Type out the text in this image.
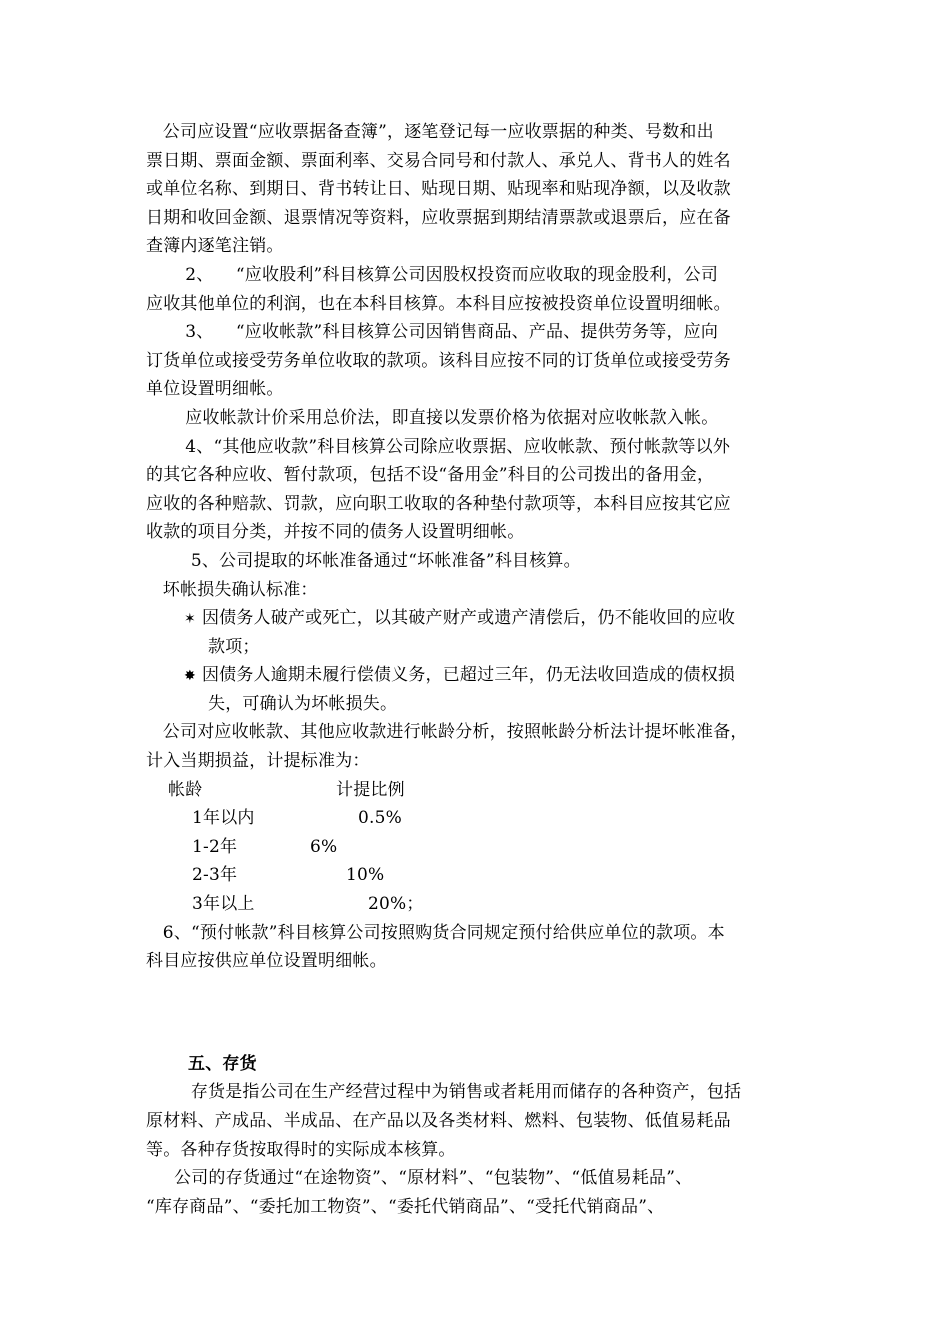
公司应设置“应收票据备查簿”，逐笔登记每一应收票据的种类、号数和出
票日期、票面金额、票面利率、交易合同号和付款人、承兑人、背书人的姓名
或单位名称、到期日、背书转让日、贴现日期、贴现率和贴现净额，以及收款
日期和收回金额、退票情况等资料，应收票据到期结清票款或退票后，应在备
查簿内逐笔注销。
2、    “应收股利”科目核算公司因股权投资而应收取的现金股利，公司
应收其他单位的利润，也在本科目核算。本科目应按被投资单位设置明细帐。
3、    “应收帐款”科目核算公司因销售商品、产品、提供劳务等，应向
订货单位或接受劳务单位收取的款项。该科目应按不同的订货单位或接受劳务
单位设置明细帐。
应收帐款计价采用总价法，即直接以发票价格为依据对应收帐款入帐。
4、“其他应收款”科目核算公司除应收票据、应收帐款、预付帐款等以外
的其它各种应收、暂付款项，包括不设“备用金”科目的公司拨出的备用金，
应收的各种赔款、罚款，应向职工收取的各种垫付款项等，本科目应按其它应
收款的项目分类，并按不同的债务人设置明细帐。
5、公司提取的坏帐准备通过“坏帐准备”科目核算。
坏帐损失确认标准：
✶ 因债务人破产或死亡，以其破产财产或遗产清偿后，仍不能收回的应收
款项；
✸ 因债务人逾期未履行偿债义务，已超过三年，仍无法收回造成的债权损
失，可确认为坏帐损失。
公司对应收帐款、其他应收款进行帐龄分析，按照帐龄分析法计提坏帐准备，
计入当期损益，计提标准为：
帐龄	计提比例
1年以内	0.5%
1-2年	6%
2-3年	10%
3年以上	20%；
6、“预付帐款”科目核算公司按照购货合同规定预付给供应单位的款项。本
科目应按供应单位设置明细帐。
五、存货
存货是指公司在生产经营过程中为销售或者耗用而储存的各种资产，包括
原材料、产成品、半成品、在产品以及各类材料、燃料、包装物、低值易耗品
等。各种存货按取得时的实际成本核算。
公司的存货通过“在途物资”、“原材料”、“包装物”、“低值易耗品”、
“库存商品”、“委托加工物资”、“委托代销商品”、“受托代销商品”、
